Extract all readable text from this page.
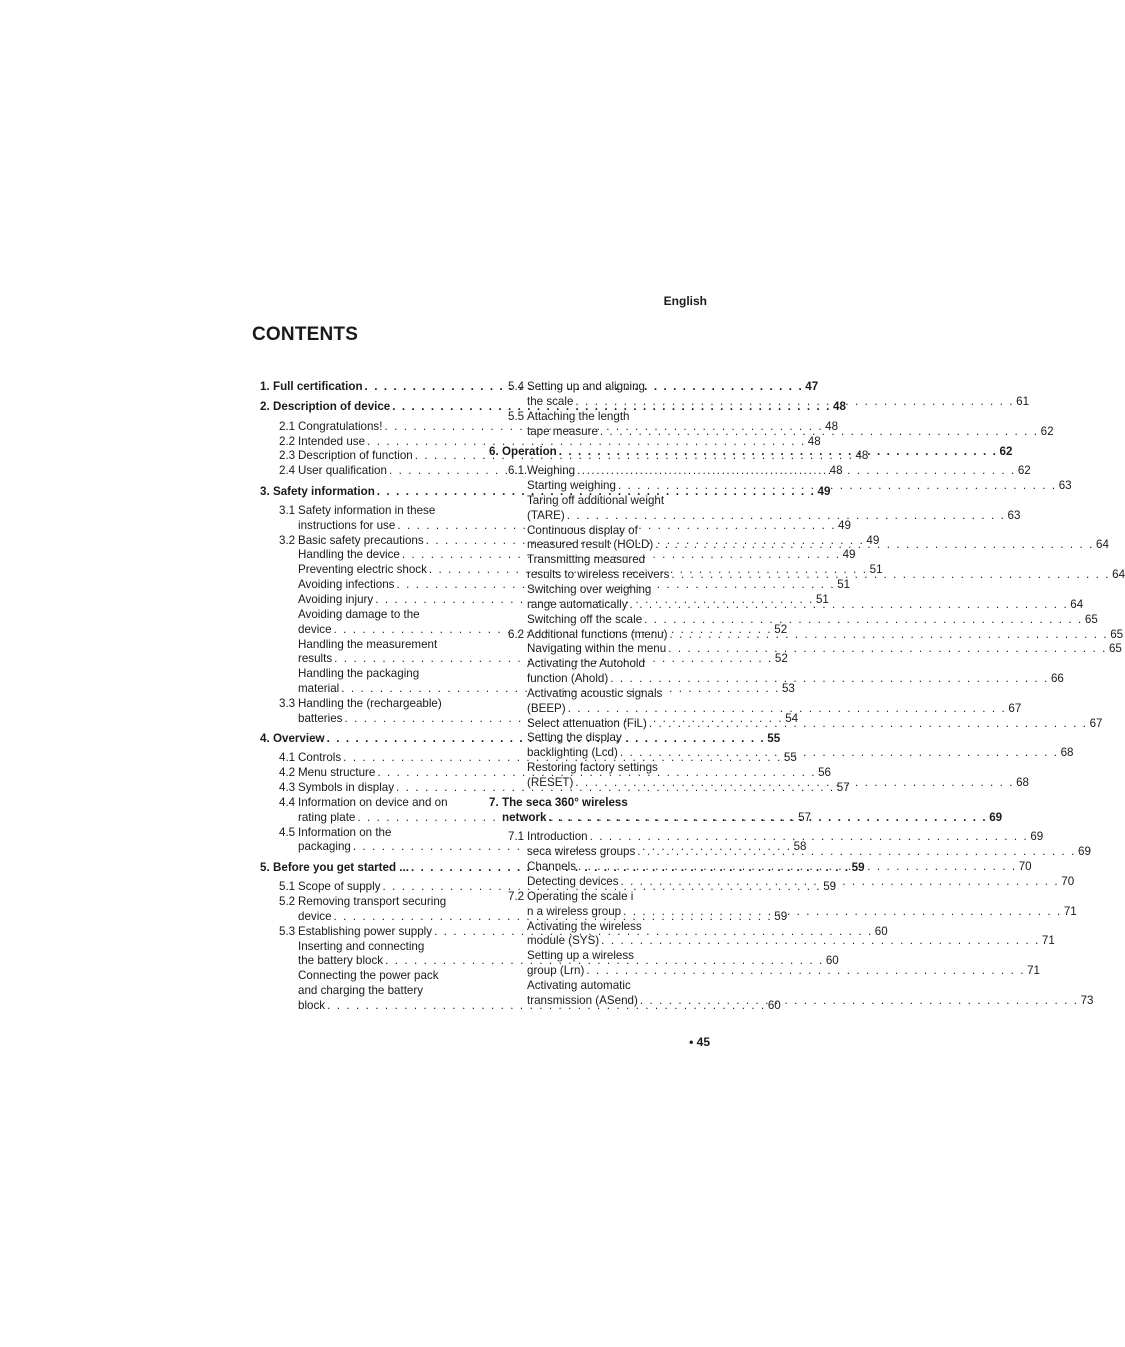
English
CONTENTS
1. Full certification . . .	47
2. Description of device . . .	48
2.1 Congratulations! . . .	48
2.2 Intended use . . .	48
2.3 Description of function . . .	48
2.4 User qualification . . .	48
3. Safety information . . .	49
3.1 Safety information in these
instructions for use . . .	49
3.2 Basic safety precautions . . .	49
Handling the device . . .	49
Preventing electric shock . . .	51
Avoiding infections . . .	51
Avoiding injury . . .	51
Avoiding damage to the
device . . .	52
Handling the measurement
results . . .	52
Handling the packaging
material . . .	53
3.3 Handling the (rechargeable)
batteries . . .	54
4. Overview . . .	55
4.1 Controls . . .	55
4.2 Menu structure . . .	56
4.3 Symbols in display . . .	57
4.4 Information on device and on
rating plate . . .	57
4.5 Information on the
packaging . . .	58
5. Before you get started ... . . .	59
5.1 Scope of supply . . .	59
5.2 Removing transport securing
device . . .	59
5.3 Establishing power supply . . .	60
Inserting and connecting
the battery block . . .	60
Connecting the power pack
and charging the battery
block . . .	60
5.4 Setting up and aligning
the scale . . .	61
5.5 Attaching the length
tape measure . . .	62
6. Operation . . .	62
6.1 Weighing . . .	62
Starting weighing . . .	63
Taring off additional weight
(TARE) . . .	63
Continuous display of
measured result (HOLD) . . .	64
Transmitting measured
results to wireless receivers . . .	64
Switching over weighing
range automatically . . .	64
Switching off the scale . . .	65
6.2 Additional functions (menu) . . .	65
Navigating within the menu . . .	65
Activating the Autohold
function (Ahold) . . .	66
Activating acoustic signals
(BEEP) . . .	67
Select attenuation (FiL) . . .	67
Setting the display
backlighting (Lcd) . . .	68
Restoring factory settings
(RESET) . . .	68
7. The seca 360° wireless
network . . .	69
7.1 Introduction . . .	69
seca wireless groups . . .	69
Channels . . .	70
Detecting devices . . .	70
7.2 Operating the scale i
n a wireless group . . .	71
Activating the wireless
module (SYS) . . .	71
Setting up a wireless
group (Lrn) . . .	71
Activating automatic
transmission (ASend) . . .	73
• 45
